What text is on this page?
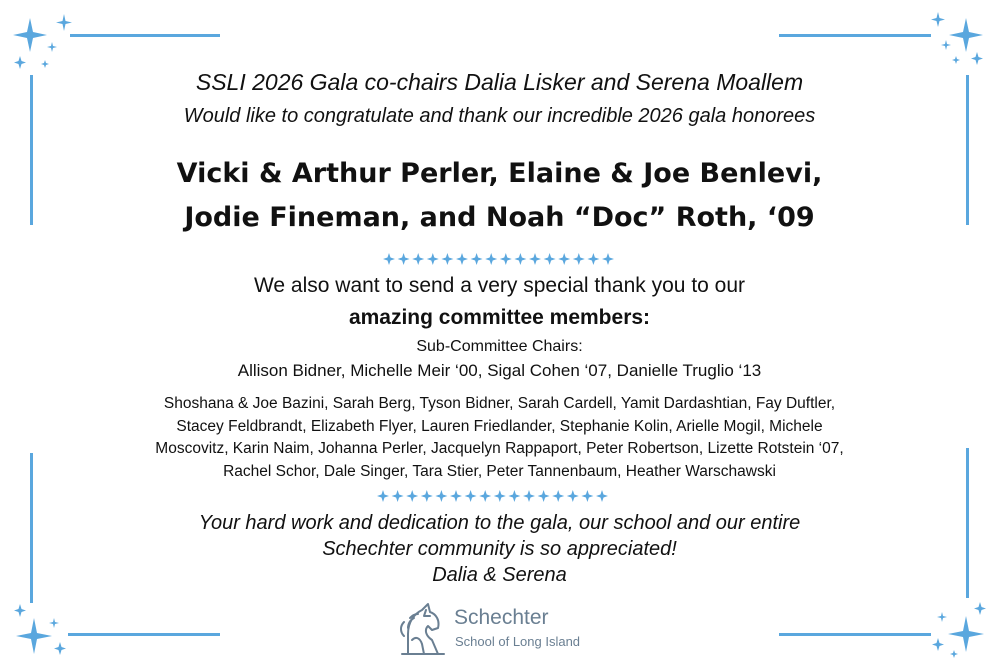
SSLI 2026 Gala co-chairs Dalia Lisker and Serena Moallem
Would like to congratulate and thank our incredible 2026 gala honorees
Vicki & Arthur Perler, Elaine & Joe Benlevi,
Jodie Fineman, and Noah “Doc” Roth, ‘09
We also want to send a very special thank you to our
amazing committee members:
Sub-Committee Chairs:
Allison Bidner, Michelle Meir ‘00, Sigal Cohen ‘07, Danielle Truglio ‘13
Shoshana & Joe Bazini, Sarah Berg, Tyson Bidner, Sarah Cardell, Yamit Dardashtian, Fay Duftler,
Stacey Feldbrandt, Elizabeth Flyer, Lauren Friedlander, Stephanie Kolin, Arielle Mogil, Michele
Moscovitz, Karin Naim, Johanna Perler, Jacquelyn Rappaport, Peter Robertson, Lizette Rotstein ‘07,
Rachel Schor, Dale Singer, Tara Stier, Peter Tannenbaum, Heather Warschawski
Your hard work and dedication to the gala, our school and our entire
Schechter community is so appreciated!
Dalia & Serena
Schechter
School of Long Island
